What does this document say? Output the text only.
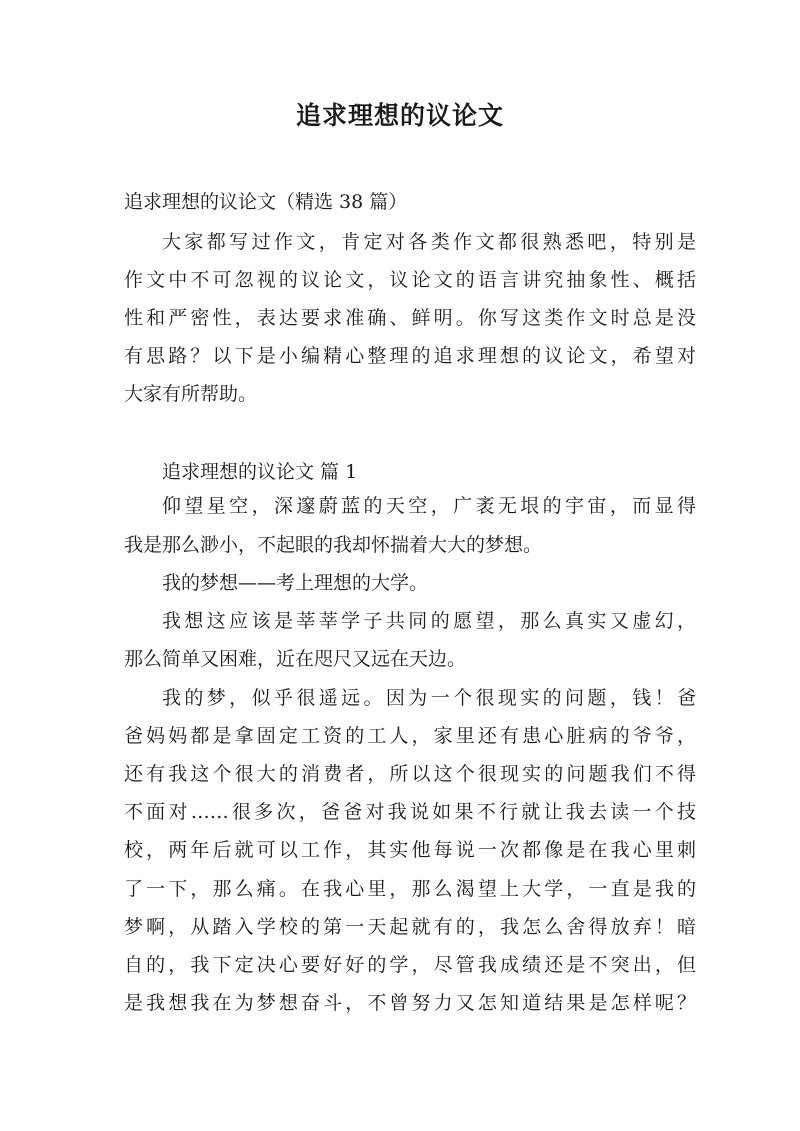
追求理想的议论文

追求理想的议论文（精选 38 篇）

大家都写过作文，肯定对各类作文都很熟悉吧，特别是

作文中不可忽视的议论文，议论文的语言讲究抽象性、概括

性和严密性，表达要求准确、鲜明。你写这类作文时总是没

有思路？以下是小编精心整理的追求理想的议论文，希望对

大家有所帮助。

追求理想的议论文 篇 1

仰望星空，深邃蔚蓝的天空，广袤无垠的宇宙，而显得

我是那么渺小，不起眼的我却怀揣着大大的梦想。

我的梦想——考上理想的大学。

我想这应该是莘莘学子共同的愿望，那么真实又虚幻，

那么简单又困难，近在咫尺又远在天边。

我的梦，似乎很遥远。因为一个很现实的问题，钱！爸

爸妈妈都是拿固定工资的工人，家里还有患心脏病的爷爷，

还有我这个很大的消费者，所以这个很现实的问题我们不得

不面对……很多次，爸爸对我说如果不行就让我去读一个技

校，两年后就可以工作，其实他每说一次都像是在我心里刺

了一下，那么痛。在我心里，那么渴望上大学，一直是我的

梦啊，从踏入学校的第一天起就有的，我怎么舍得放弃！暗

自的，我下定决心要好好的学，尽管我成绩还是不突出，但

是我想我在为梦想奋斗，不曾努力又怎知道结果是怎样呢？
